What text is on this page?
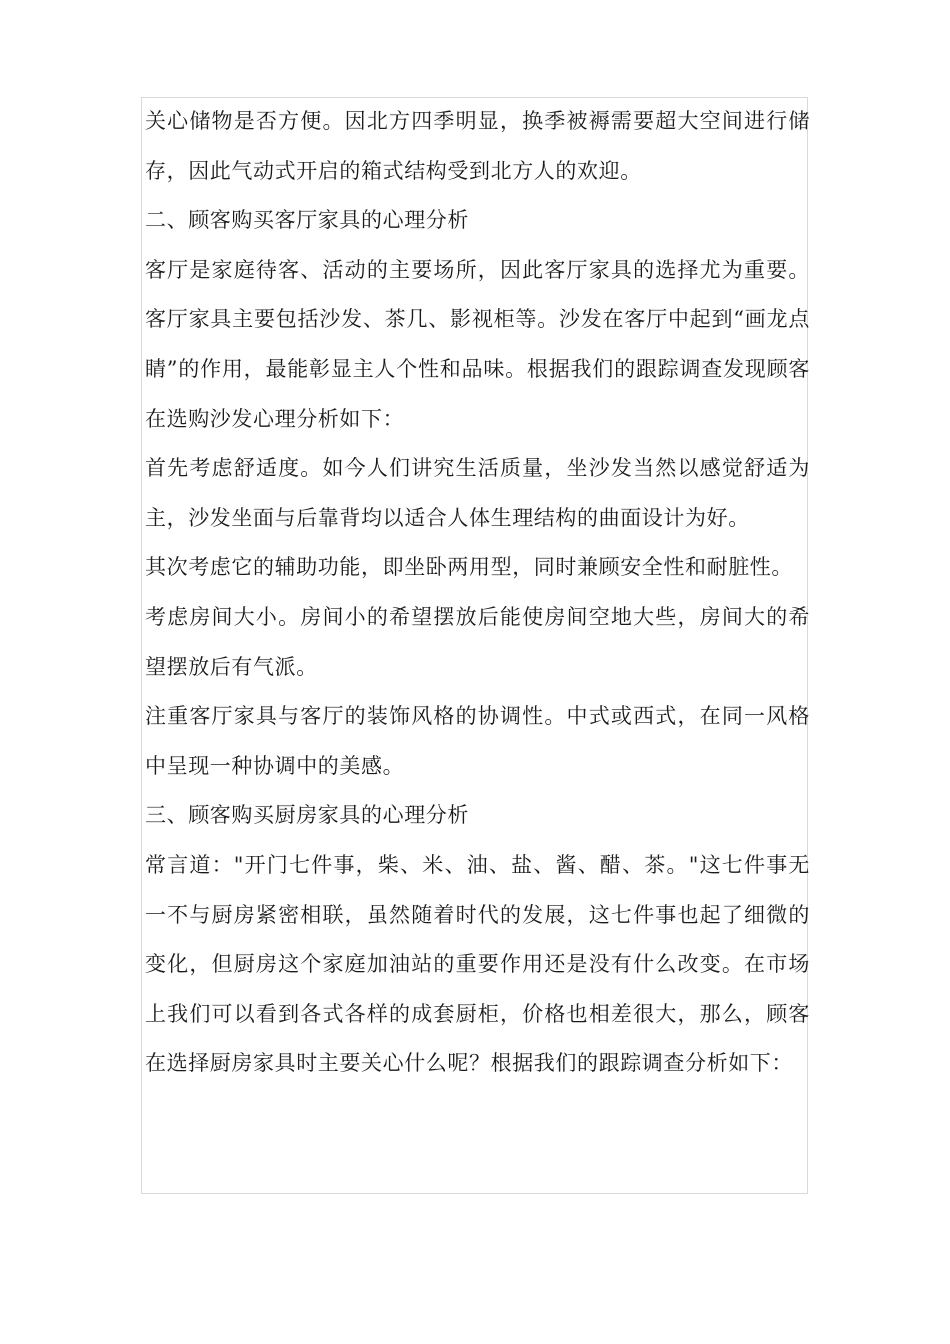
关心储物是否方便。因北方四季明显，换季被褥需要超大空间进行储存，因此气动式开启的箱式结构受到北方人的欢迎。

二、顾客购买客厅家具的心理分析

客厅是家庭待客、活动的主要场所，因此客厅家具的选择尤为重要。客厅家具主要包括沙发、茶几、影视柜等。沙发在客厅中起到“画龙点睛”的作用，最能彰显主人个性和品味。根据我们的跟踪调查发现顾客在选购沙发心理分析如下：

首先考虑舒适度。如今人们讲究生活质量，坐沙发当然以感觉舒适为主，沙发坐面与后靠背均以适合人体生理结构的曲面设计为好。

其次考虑它的辅助功能，即坐卧两用型，同时兼顾安全性和耐脏性。

考虑房间大小。房间小的希望摆放后能使房间空地大些，房间大的希望摆放后有气派。

注重客厅家具与客厅的装饰风格的协调性。中式或西式，在同一风格中呈现一种协调中的美感。

三、顾客购买厨房家具的心理分析

常言道："开门七件事，柴、米、油、盐、酱、醋、茶。"这七件事无一不与厨房紧密相联，虽然随着时代的发展，这七件事也起了细微的变化，但厨房这个家庭加油站的重要作用还是没有什么改变。在市场上我们可以看到各式各样的成套厨柜，价格也相差很大，那么，顾客在选择厨房家具时主要关心什么呢？根据我们的跟踪调查分析如下：
